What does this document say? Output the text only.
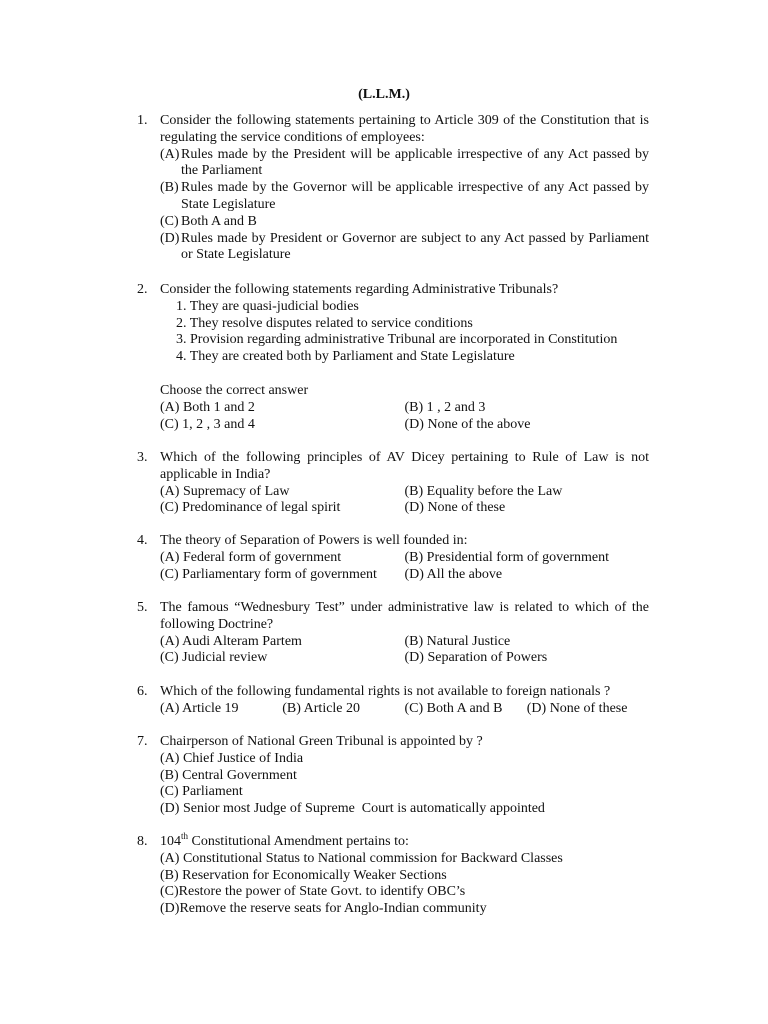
(L.L.M.)
1. Consider the following statements pertaining to Article 309 of the Constitution that is regulating the service conditions of employees:
(A) Rules made by the President will be applicable irrespective of any Act passed by the Parliament
(B) Rules made by the Governor will be applicable irrespective of any Act passed by State Legislature
(C) Both A and B
(D) Rules made by President or Governor are subject to any Act passed by Parliament or State Legislature
2. Consider the following statements regarding Administrative Tribunals?
1. They are quasi-judicial bodies
2. They resolve disputes related to service conditions
3. Provision regarding administrative Tribunal are incorporated in Constitution
4. They are created both by Parliament and State Legislature
Choose the correct answer
(A) Both 1 and 2	(B) 1 , 2 and 3
(C) 1, 2 , 3 and 4	(D) None of the above
3. Which of the following principles of AV Dicey pertaining to Rule of Law is not applicable in India?
(A) Supremacy of Law	(B) Equality before the Law
(C) Predominance of legal spirit	(D) None of these
4. The theory of Separation of Powers is well founded in:
(A) Federal form of government	(B) Presidential form of government
(C) Parliamentary form of government	(D) All the above
5. The famous “Wednesbury Test” under administrative law is related to which of the following Doctrine?
(A) Audi Alteram Partem	(B) Natural Justice
(C) Judicial review	(D) Separation of Powers
6. Which of the following fundamental rights is not available to foreign nationals ?
(A) Article 19	(B) Article 20	(C) Both A and B	(D) None of these
7. Chairperson of National Green Tribunal is appointed by ?
(A) Chief Justice of India
(B) Central Government
(C) Parliament
(D) Senior most Judge of Supreme  Court is automatically appointed
8. 104th Constitutional Amendment pertains to:
(A) Constitutional Status to National commission for Backward Classes
(B) Reservation for Economically Weaker Sections
(C)Restore the power of State Govt. to identify OBC’s
(D)Remove the reserve seats for Anglo-Indian community
